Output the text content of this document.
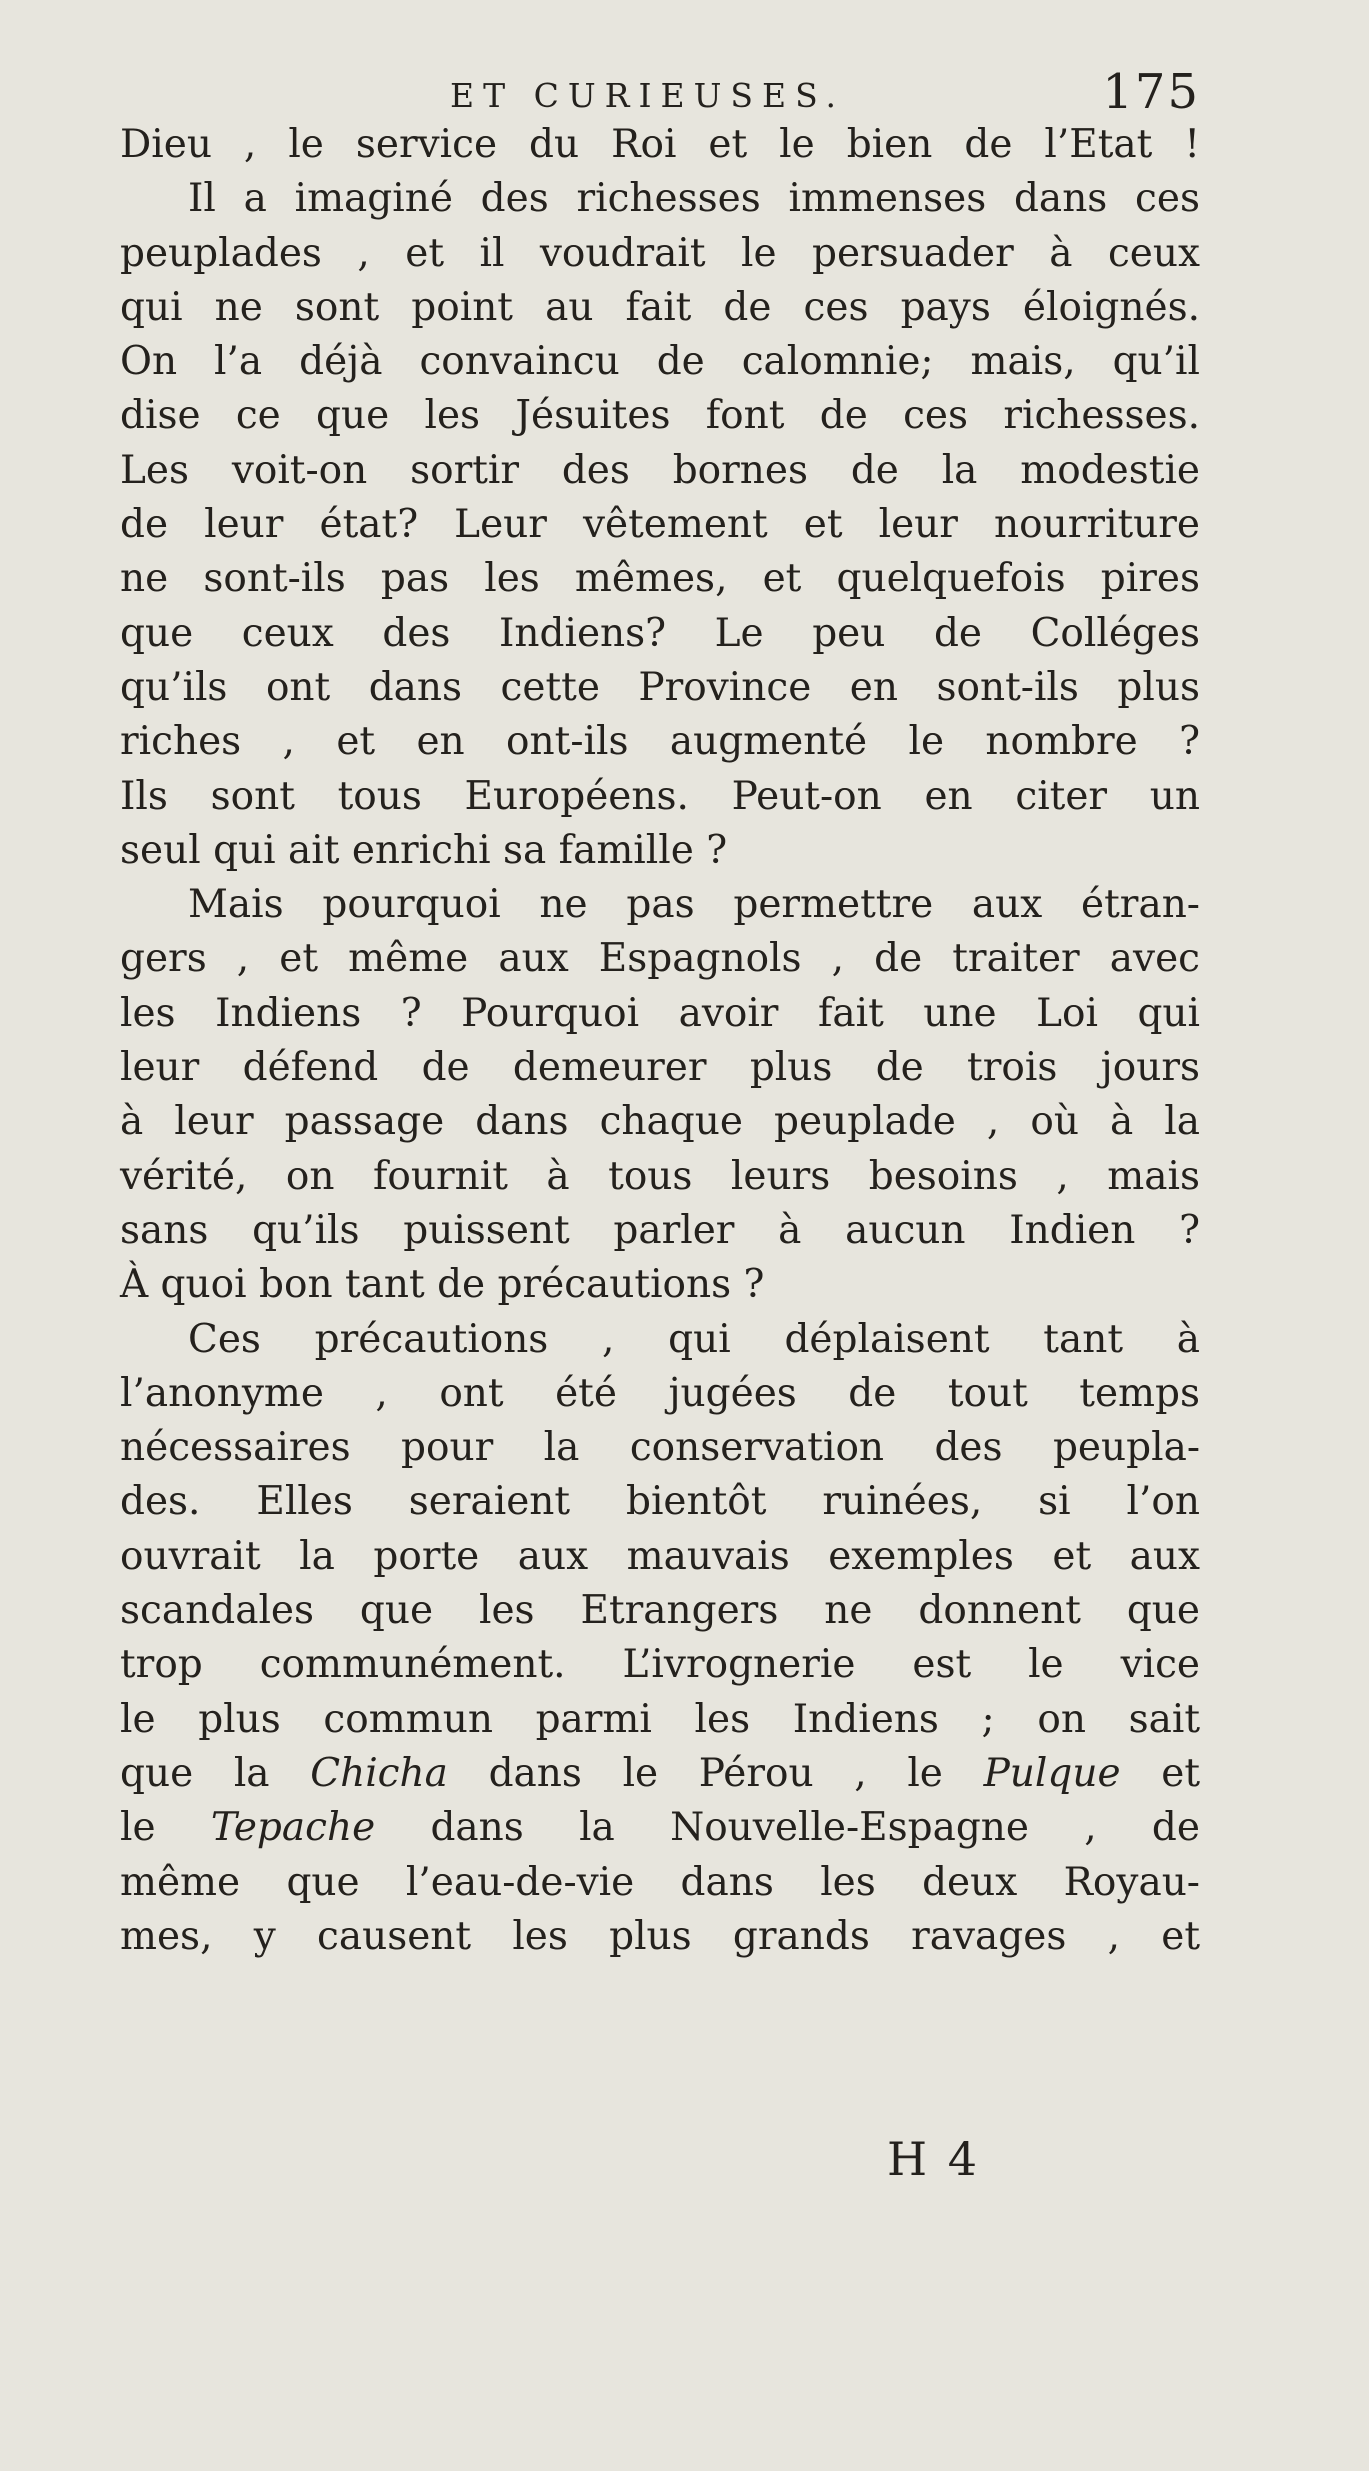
ET CURIEUSES.	175
Dieu , le service du Roi et le bien de l’Etat !
Il a imaginé des richesses immenses dans ces
peuplades , et il voudrait le persuader à ceux
qui ne sont point au fait de ces pays éloignés.
On l’a déjà convaincu de calomnie; mais, qu’il
dise ce que les Jésuites font de ces richesses.
Les voit-on sortir des bornes de la modestie
de leur état? Leur vêtement et leur nourriture
ne sont-ils pas les mêmes, et quelquefois pires
que ceux des Indiens? Le peu de Colléges
qu’ils ont dans cette Province en sont-ils plus
riches , et en ont-ils augmenté le nombre ?
Ils sont tous Européens. Peut-on en citer un
seul qui ait enrichi sa famille ?
Mais pourquoi ne pas permettre aux étran-
gers , et même aux Espagnols , de traiter avec
les Indiens ? Pourquoi avoir fait une Loi qui
leur défend de demeurer plus de trois jours
à leur passage dans chaque peuplade , où à la
vérité, on fournit à tous leurs besoins , mais
sans qu’ils puissent parler à aucun Indien ?
À quoi bon tant de précautions ?
Ces précautions , qui déplaisent tant à
l’anonyme , ont été jugées de tout temps
nécessaires pour la conservation des peupla-
des. Elles seraient bientôt ruinées, si l’on
ouvrait la porte aux mauvais exemples et aux
scandales que les Etrangers ne donnent que
trop communément. L’ivrognerie est le vice
le plus commun parmi les Indiens ; on sait
que la Chicha dans le Pérou , le Pulque et
le Tepache dans la Nouvelle-Espagne , de
même que l’eau-de-vie dans les deux Royau-
mes, y causent les plus grands ravages , et
H 4
